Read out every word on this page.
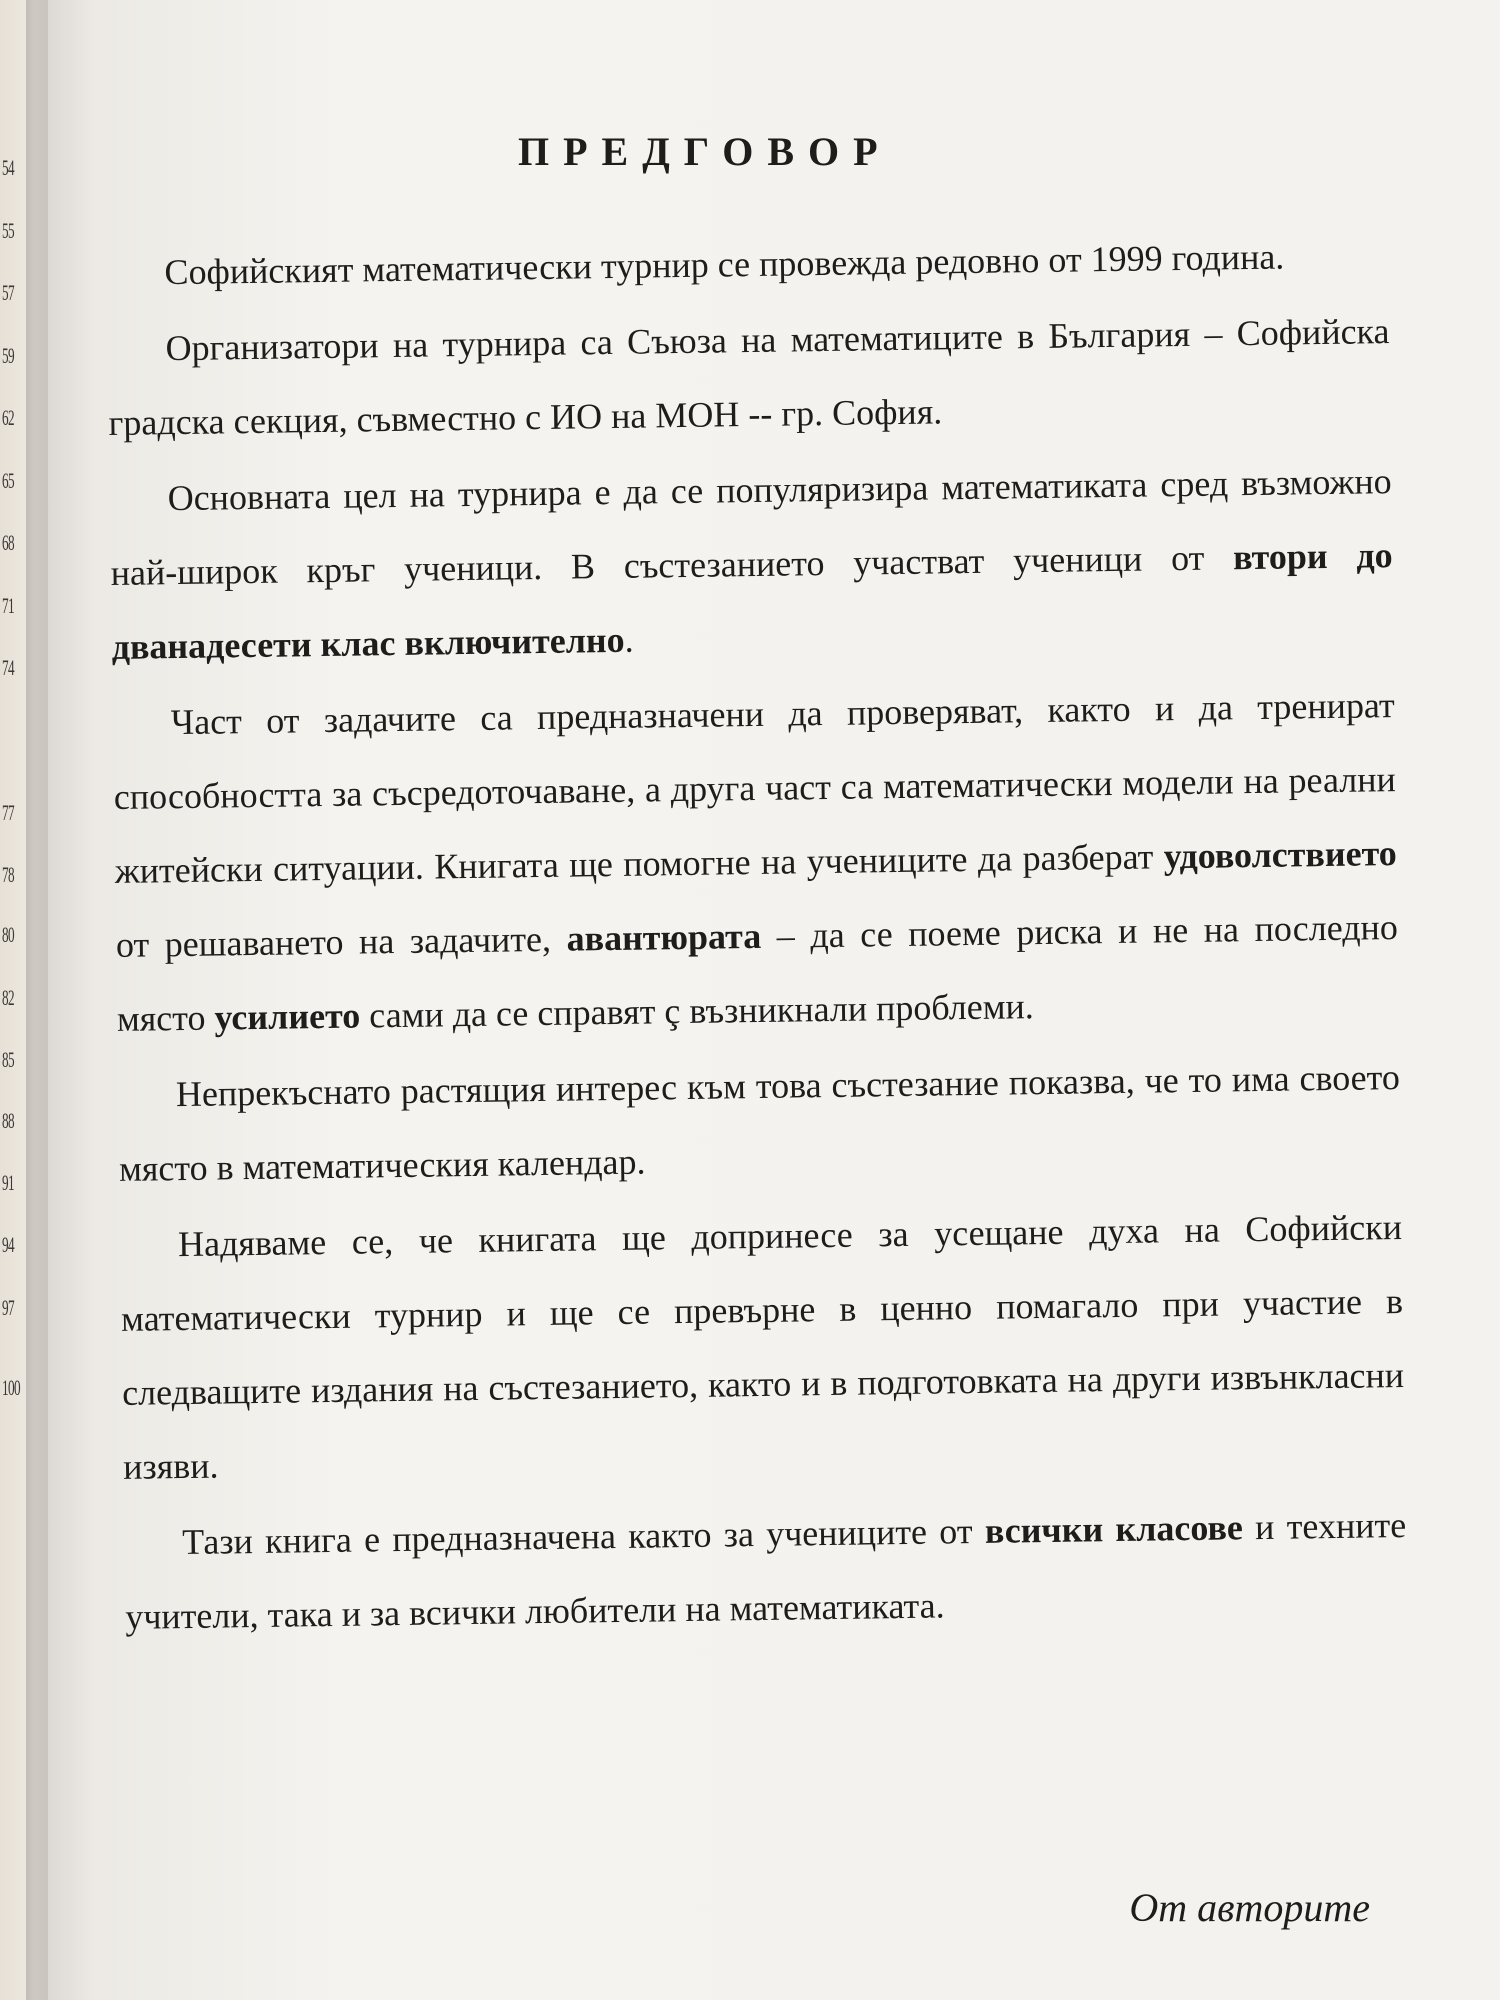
54
55
57
59
62
65
68
71
74
77
78
80
82
85
88
91
94
97
100
ПРЕДГОВОР

Софийският математически турнир се провежда редовно от 1999 година.

Организатори на турнира са Съюза на математиците в България – Софийска градска секция, съвместно с ИО на МОН -- гр. София.

Основната цел на турнира е да се популяризира математиката сред възможно най-широк кръг ученици. В състезанието участват ученици от втори до дванадесети клас включително.

Част от задачите са предназначени да проверяват, както и да тренират способността за съсредоточаване, а друга част са математически модели на реални житейски ситуации. Книгата ще помогне на учениците да разберат удоволствието от решаването на задачите, авантюрата – да се поеме риска и не на последно място усилието сами да се справят ç възникнали проблеми.

Непрекъснато растящия интерес към това състезание показва, че то има своето място в математическия календар.

Надяваме се, че книгата ще допринесе за усещане духа на Софийски математически турнир и ще се превърне в ценно помагало при участие в следващите издания на състезанието, както и в подготовката на други извънкласни изяви.

Тази книга е предназначена както за учениците от всички класове и техните учители, така и за всички любители на математиката.

От авторите
